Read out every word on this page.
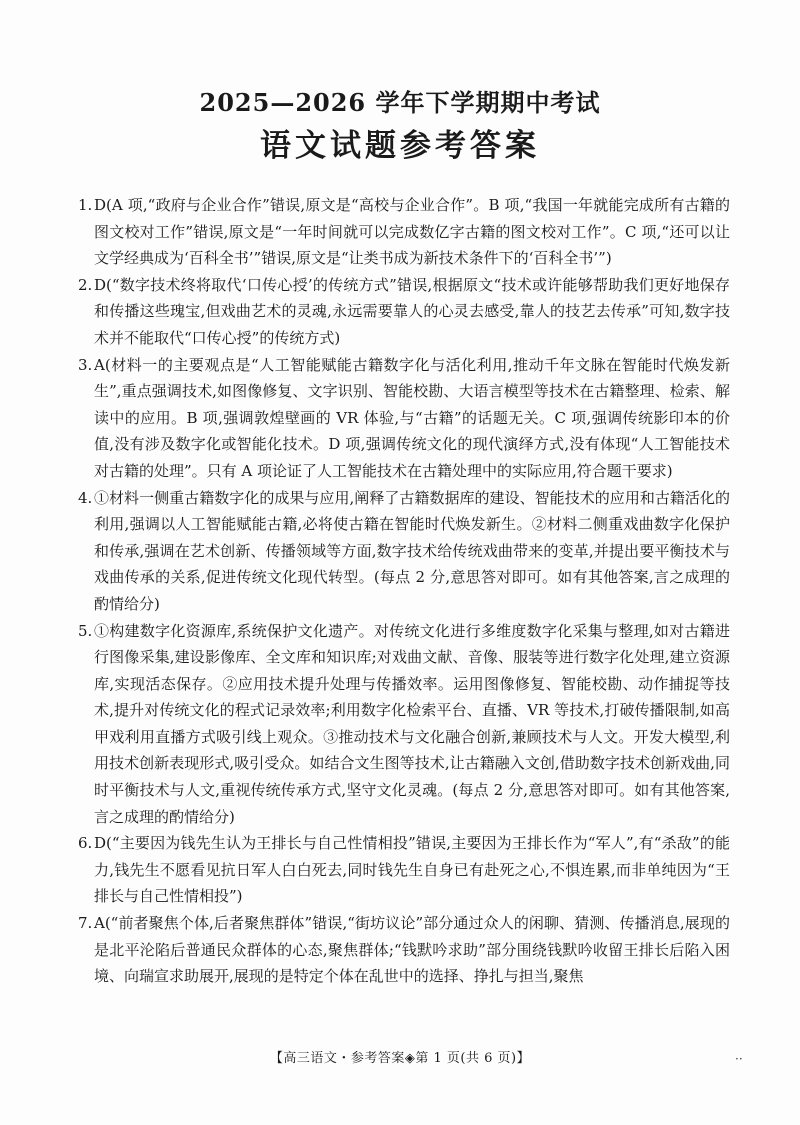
2025—2026 学年下学期期中考试
语文试题参考答案

1. D(A 项,“政府与企业合作”错误,原文是“高校与企业合作”。B 项,“我国一年就能完成所有古籍的图文校对工作”错误,原文是“一年时间就可以完成数亿字古籍的图文校对工作”。C 项,“还可以让文学经典成为‘百科全书’”错误,原文是“让类书成为新技术条件下的‘百科全书’”)

2. D(“数字技术终将取代‘口传心授’的传统方式”错误,根据原文“技术或许能够帮助我们更好地保存和传播这些瑰宝,但戏曲艺术的灵魂,永远需要靠人的心灵去感受,靠人的技艺去传承”可知,数字技术并不能取代“口传心授”的传统方式)

3. A(材料一的主要观点是“人工智能赋能古籍数字化与活化利用,推动千年文脉在智能时代焕发新生”,重点强调技术,如图像修复、文字识别、智能校勘、大语言模型等技术在古籍整理、检索、解读中的应用。B 项,强调敦煌壁画的 VR 体验,与“古籍”的话题无关。C 项,强调传统影印本的价值,没有涉及数字化或智能化技术。D 项,强调传统文化的现代演绎方式,没有体现“人工智能技术对古籍的处理”。只有 A 项论证了人工智能技术在古籍处理中的实际应用,符合题干要求)

4. ①材料一侧重古籍数字化的成果与应用,阐释了古籍数据库的建设、智能技术的应用和古籍活化的利用,强调以人工智能赋能古籍,必将使古籍在智能时代焕发新生。②材料二侧重戏曲数字化保护和传承,强调在艺术创新、传播领域等方面,数字技术给传统戏曲带来的变革,并提出要平衡技术与戏曲传承的关系,促进传统文化现代转型。(每点 2 分,意思答对即可。如有其他答案,言之成理的酌情给分)

5. ①构建数字化资源库,系统保护文化遗产。对传统文化进行多维度数字化采集与整理,如对古籍进行图像采集,建设影像库、全文库和知识库;对戏曲文献、音像、服装等进行数字化处理,建立资源库,实现活态保存。②应用技术提升处理与传播效率。运用图像修复、智能校勘、动作捕捉等技术,提升对传统文化的程式记录效率;利用数字化检索平台、直播、VR 等技术,打破传播限制,如高甲戏利用直播方式吸引线上观众。③推动技术与文化融合创新,兼顾技术与人文。开发大模型,利用技术创新表现形式,吸引受众。如结合文生图等技术,让古籍融入文创,借助数字技术创新戏曲,同时平衡技术与人文,重视传统传承方式,坚守文化灵魂。(每点 2 分,意思答对即可。如有其他答案,言之成理的酌情给分)

6. D(“主要因为钱先生认为王排长与自己性情相投”错误,主要因为王排长作为“军人”,有“杀敌”的能力,钱先生不愿看见抗日军人白白死去,同时钱先生自身已有赴死之心,不惧连累,而非单纯因为“王排长与自己性情相投”)

7. A(“前者聚焦个体,后者聚焦群体”错误,“街坊议论”部分通过众人的闲聊、猜测、传播消息,展现的是北平沦陷后普通民众群体的心态,聚焦群体;“钱默吟求助”部分围绕钱默吟收留王排长后陷入困境、向瑞宣求助展开,展现的是特定个体在乱世中的选择、挣扎与担当,聚焦

【高三语文・参考答案◈第 1 页(共 6 页)】	··
